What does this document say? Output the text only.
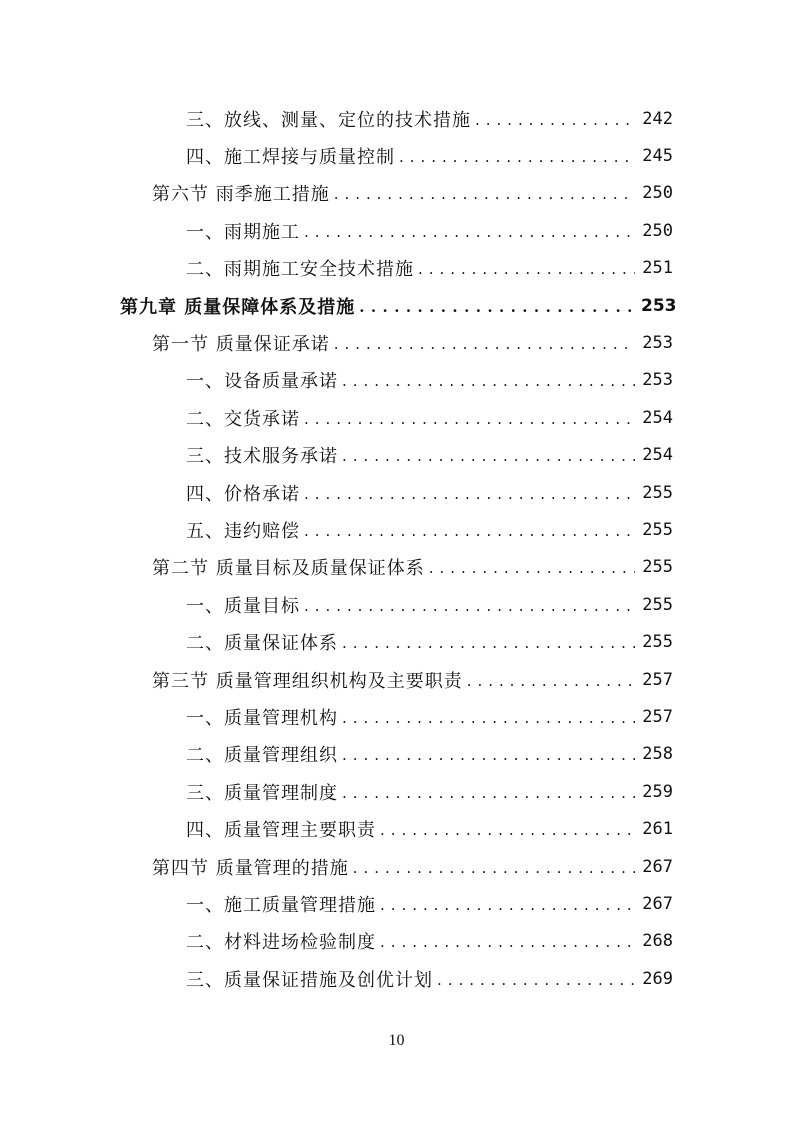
三、放线、测量、定位的技术措施 . . .	242
四、施工焊接与质量控制 . . .	245
第六节 雨季施工措施 . . .	250
一、雨期施工 . . .	250
二、雨期施工安全技术措施 . . .	251
第九章 质量保障体系及措施 . . .	253
第一节 质量保证承诺 . . .	253
一、设备质量承诺 . . .	253
二、交货承诺 . . .	254
三、技术服务承诺 . . .	254
四、价格承诺 . . .	255
五、违约赔偿 . . .	255
第二节 质量目标及质量保证体系 . . .	255
一、质量目标 . . .	255
二、质量保证体系 . . .	255
第三节 质量管理组织机构及主要职责 . . .	257
一、质量管理机构 . . .	257
二、质量管理组织 . . .	258
三、质量管理制度 . . .	259
四、质量管理主要职责 . . .	261
第四节 质量管理的措施 . . .	267
一、施工质量管理措施 . . .	267
二、材料进场检验制度 . . .	268
三、质量保证措施及创优计划 . . .	269
10
